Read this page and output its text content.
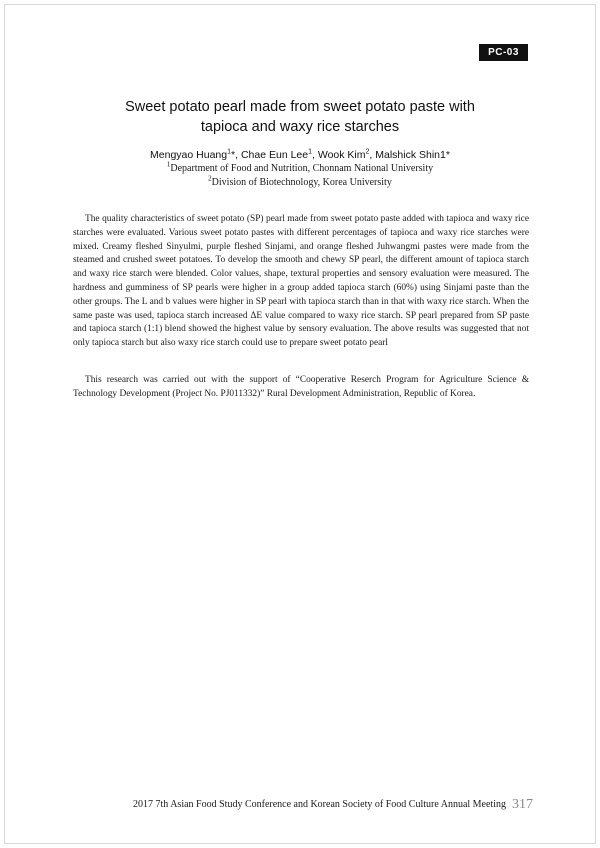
PC-03
Sweet potato pearl made from sweet potato paste with
tapioca and waxy rice starches
Mengyao Huang$^1$*, Chae Eun Lee$^1$, Wook Kim$^2$, Malshick Shin1*
$^1$Department of Food and Nutrition, Chonnam National University
$^2$Division of Biotechnology, Korea University

The quality characteristics of sweet potato (SP) pearl made from sweet potato paste added with tapioca and waxy rice starches were evaluated. Various sweet potato pastes with different percentages of tapioca and waxy rice starches were mixed. Creamy fleshed Sinyulmi, purple fleshed Sinjami, and orange fleshed Juhwangmi pastes were made from the steamed and crushed sweet potatoes. To develop the smooth and chewy SP pearl, the different amount of tapioca starch and waxy rice starch were blended. Color values, shape, textural properties and sensory evaluation were measured. The hardness and gumminess of SP pearls were higher in a group added tapioca starch (60%) using Sinjami paste than the other groups. The L and b values were higher in SP pearl with tapioca starch than in that with waxy rice starch. When the same paste was used, tapioca starch increased ΔE value compared to waxy rice starch. SP pearl prepared from SP paste and tapioca starch (1:1) blend showed the highest value by sensory evaluation. The above results was suggested that not only tapioca starch but also waxy rice starch could use to prepare sweet potato pearl

This research was carried out with the support of “Cooperative Reserch Program for Agriculture Science & Technology Development (Project No. PJ011332)” Rural Development Administration, Republic of Korea.

2017 7th Asian Food Study Conference and Korean Society of Food Culture Annual Meeting 317
